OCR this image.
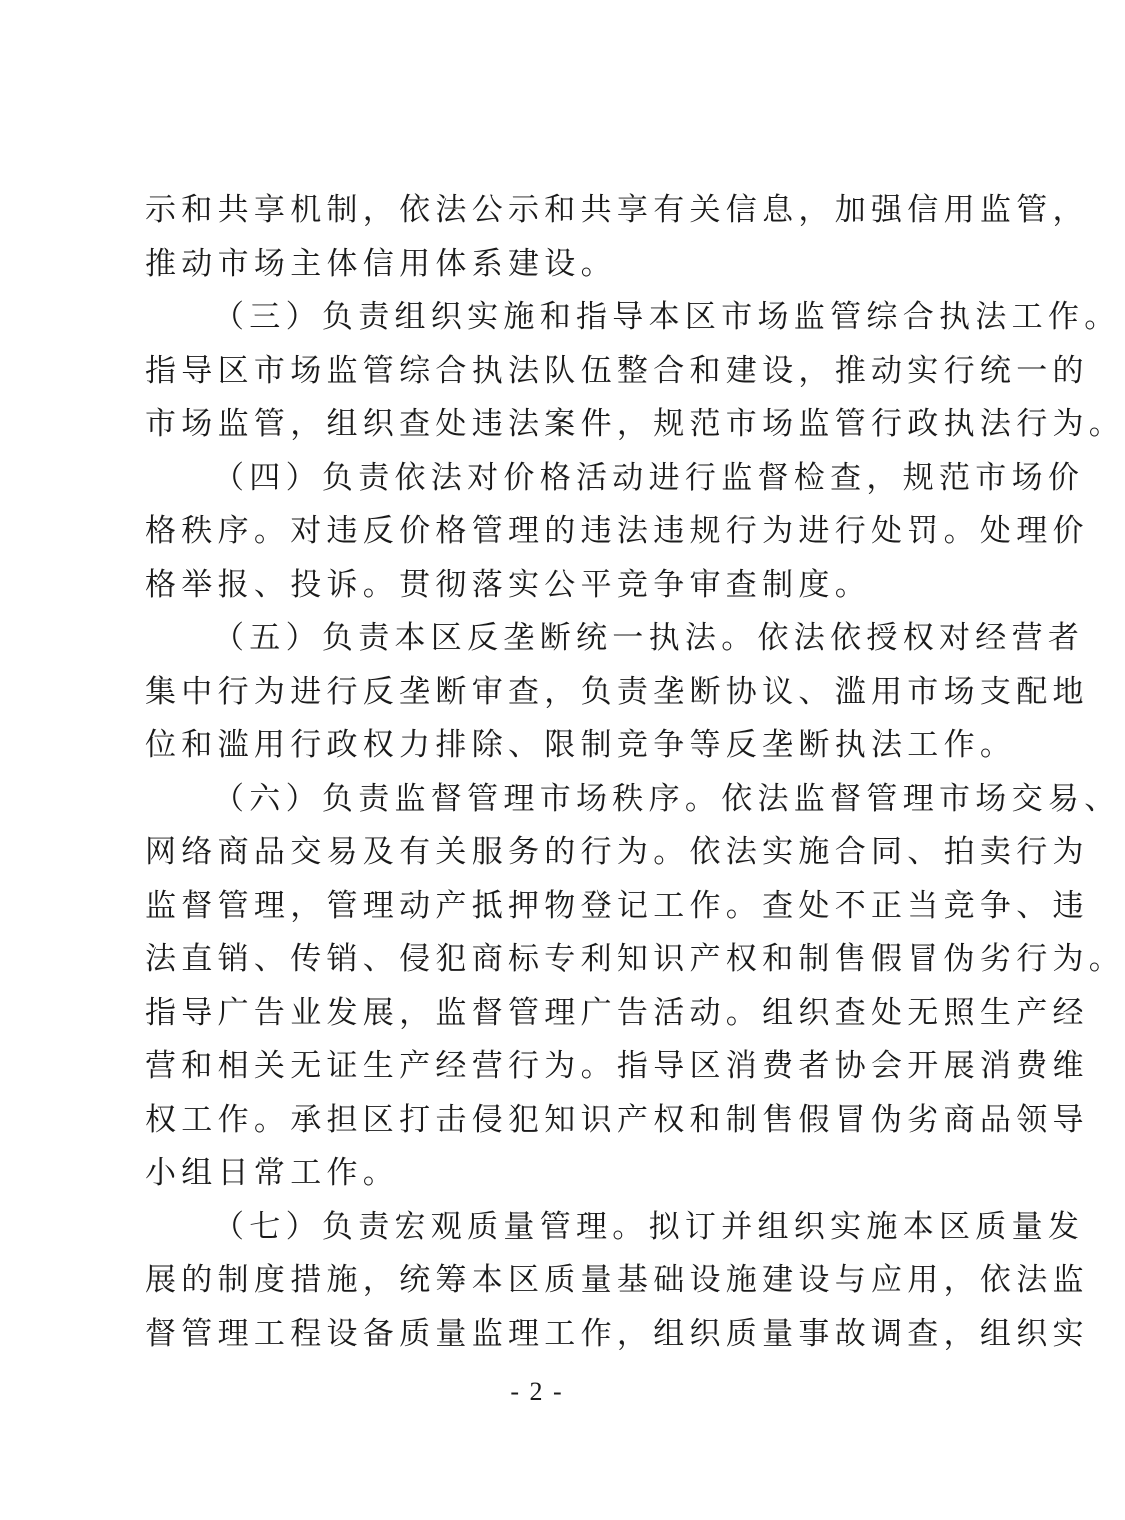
示和共享机制，依法公示和共享有关信息，加强信用监管，
推动市场主体信用体系建设。
（三）负责组织实施和指导本区市场监管综合执法工作。
指导区市场监管综合执法队伍整合和建设，推动实行统一的
市场监管，组织查处违法案件，规范市场监管行政执法行为。
（四）负责依法对价格活动进行监督检查，规范市场价
格秩序。对违反价格管理的违法违规行为进行处罚。处理价
格举报、投诉。贯彻落实公平竞争审查制度。
（五）负责本区反垄断统一执法。依法依授权对经营者
集中行为进行反垄断审查，负责垄断协议、滥用市场支配地
位和滥用行政权力排除、限制竞争等反垄断执法工作。
（六）负责监督管理市场秩序。依法监督管理市场交易、
网络商品交易及有关服务的行为。依法实施合同、拍卖行为
监督管理，管理动产抵押物登记工作。查处不正当竞争、违
法直销、传销、侵犯商标专利知识产权和制售假冒伪劣行为。
指导广告业发展，监督管理广告活动。组织查处无照生产经
营和相关无证生产经营行为。指导区消费者协会开展消费维
权工作。承担区打击侵犯知识产权和制售假冒伪劣商品领导
小组日常工作。
（七）负责宏观质量管理。拟订并组织实施本区质量发
展的制度措施，统筹本区质量基础设施建设与应用，依法监
督管理工程设备质量监理工作，组织质量事故调查，组织实
- 2 -
